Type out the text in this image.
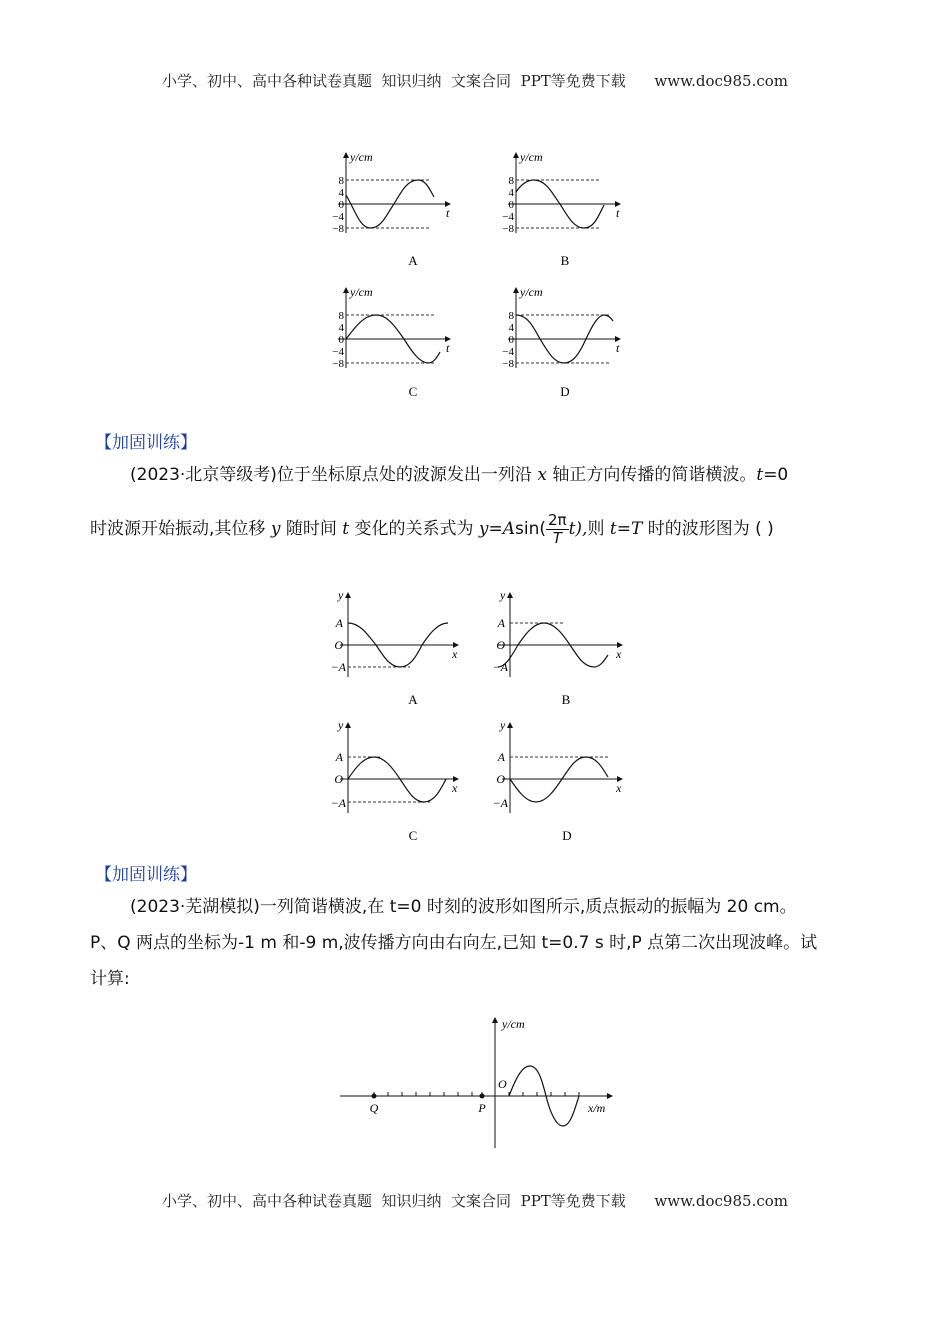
小学、初中、高中各种试卷真题  知识归纳  文案合同  PPT等免费下载      www.doc985.com
小学、初中、高中各种试卷真题  知识归纳  文案合同  PPT等免费下载      www.doc985.com
y/cm
t
8
4
0
−4
−8
A
y/cm
t
8
4
0
−4
−8
B
y/cm
t
8
4
0
−4
−8
C
y/cm
t
8
4
0
−4
−8
D
【加固训练】
(2023·北京等级考)位于坐标原点处的波源发出一列沿 x 轴正方向传播的简谐横波。t=0
时波源开始振动,其位移 y 随时间 t 变化的关系式为 $y=Asin( \frac{2\pi}{T} t)$,则 t=T 时的波形图为 ( )
y
x
A
O
−A
A
y
x
A
O
−A
B
y
x
A
O
−A
C
y
x
A
O
−A
D
【加固训练】
(2023·芜湖模拟)一列简谐横波,在 t=0 时刻的波形如图所示,质点振动的振幅为 20 cm。
P、Q 两点的坐标为-1 m 和-9 m,波传播方向由右向左,已知 t=0.7 s 时,P 点第二次出现波峰。试
计算:
y/cm
x/m
O
Q	P
